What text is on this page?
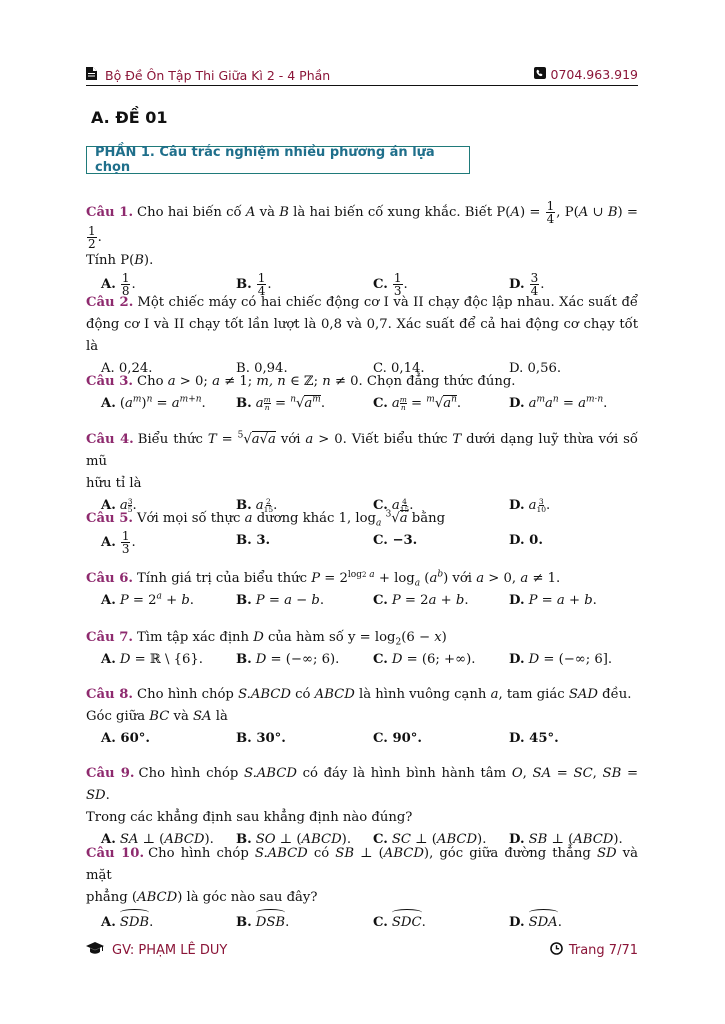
Bộ Đề Ôn Tập Thi Giữa Kì 2 - 4 Phần	0704.963.919
A. ĐỀ 01
PHẦN 1. Câu trắc nghiệm nhiều phương án lựa chọn
Câu 1. Cho hai biến cố A và B là hai biến cố xung khắc. Biết $P(A) = \frac{1}{4}$ , P(A ∪ B) =
$\frac{1}{2}$ .
Tính P(B).
A. $\frac{1}{8}$ .	B. $\frac{1}{4}$ .	C. $\frac{1}{3}$ .	D. $\frac{3}{4}$ .
Câu 2. Một chiếc máy có hai chiếc động cơ I và II chạy độc lập nhau. Xác suất để động cơ I và II chạy tốt lần lượt là 0,8 và 0,7. Xác suất để cả hai động cơ chạy tốt là
A. 0,24.	B. 0,94.	C. 0,14.	D. 0,56.
Câu 3. Cho a > 0; a ≠ 1; m, n ∈ ℤ; n ≠ 0. Chọn đẳng thức đúng.
A. $(a^m)^n = a^{m+n}$. B. a $\frac{m}{n} = ^n√a^m$.	C. a $\frac{m}{n} = ^m√a^n$.	D. $a^ma^n = a^{m\cdot n}$.
Câu 4. Biểu thức T = $^5$√a√a với a > 0. Viết biểu thức T dưới dạng luỹ thừa với số mũ
hữu tỉ là
A. a $\frac{3}{5}$ .	B. a $\frac{2}{15}$ .	C. a $\frac{4}{15}$ .	D. a $\frac{3}{10}$ .
Câu 5. Với mọi số thực a dương khác 1, $\log_a ^3√a$ bằng
A. $\frac{1}{3}$ .	B. 3.	C. −3.	D. 0.
Câu 6. Tính giá trị của biểu thức $P = 2^{log2 a} + \log_a (a^b)$ với a > 0, a ≠ 1.
A. $P = 2^a + b$.	B. P = a − b.	C. P = 2a + b.	D. P = a + b.
Câu 7. Tìm tập xác định D của hàm số $y = \log_2(6 - x)$
A. D = ℝ \ {6}.	B. D = (−∞; 6).	C. D = (6; +∞).	D. D = (−∞; 6].
Câu 8. Cho hình chóp S.ABCD có ABCD là hình vuông cạnh a, tam giác SAD đều.
Góc giữa BC và SA là
A. 60°.	B. 30°.	C. 90°.	D. 45°.
Câu 9. Cho hình chóp S.ABCD có đáy là hình bình hành tâm O, SA = SC, SB = SD.
Trong các khẳng định sau khẳng định nào đúng?
A. SA ⊥ (ABCD). B. SO ⊥ (ABCD). C. SC ⊥ (ABCD). D. SB ⊥ (ABCD).
Câu 10. Cho hình chóp S.ABCD có SB ⊥ (ABCD), góc giữa đường thẳng SD và mặt
phẳng (ABCD) là góc nào sau đây?
A. SDB.	B. DSB.	C. SDC.	D. SDA.
GV: PHẠM LÊ DUY	Trang 7/71
